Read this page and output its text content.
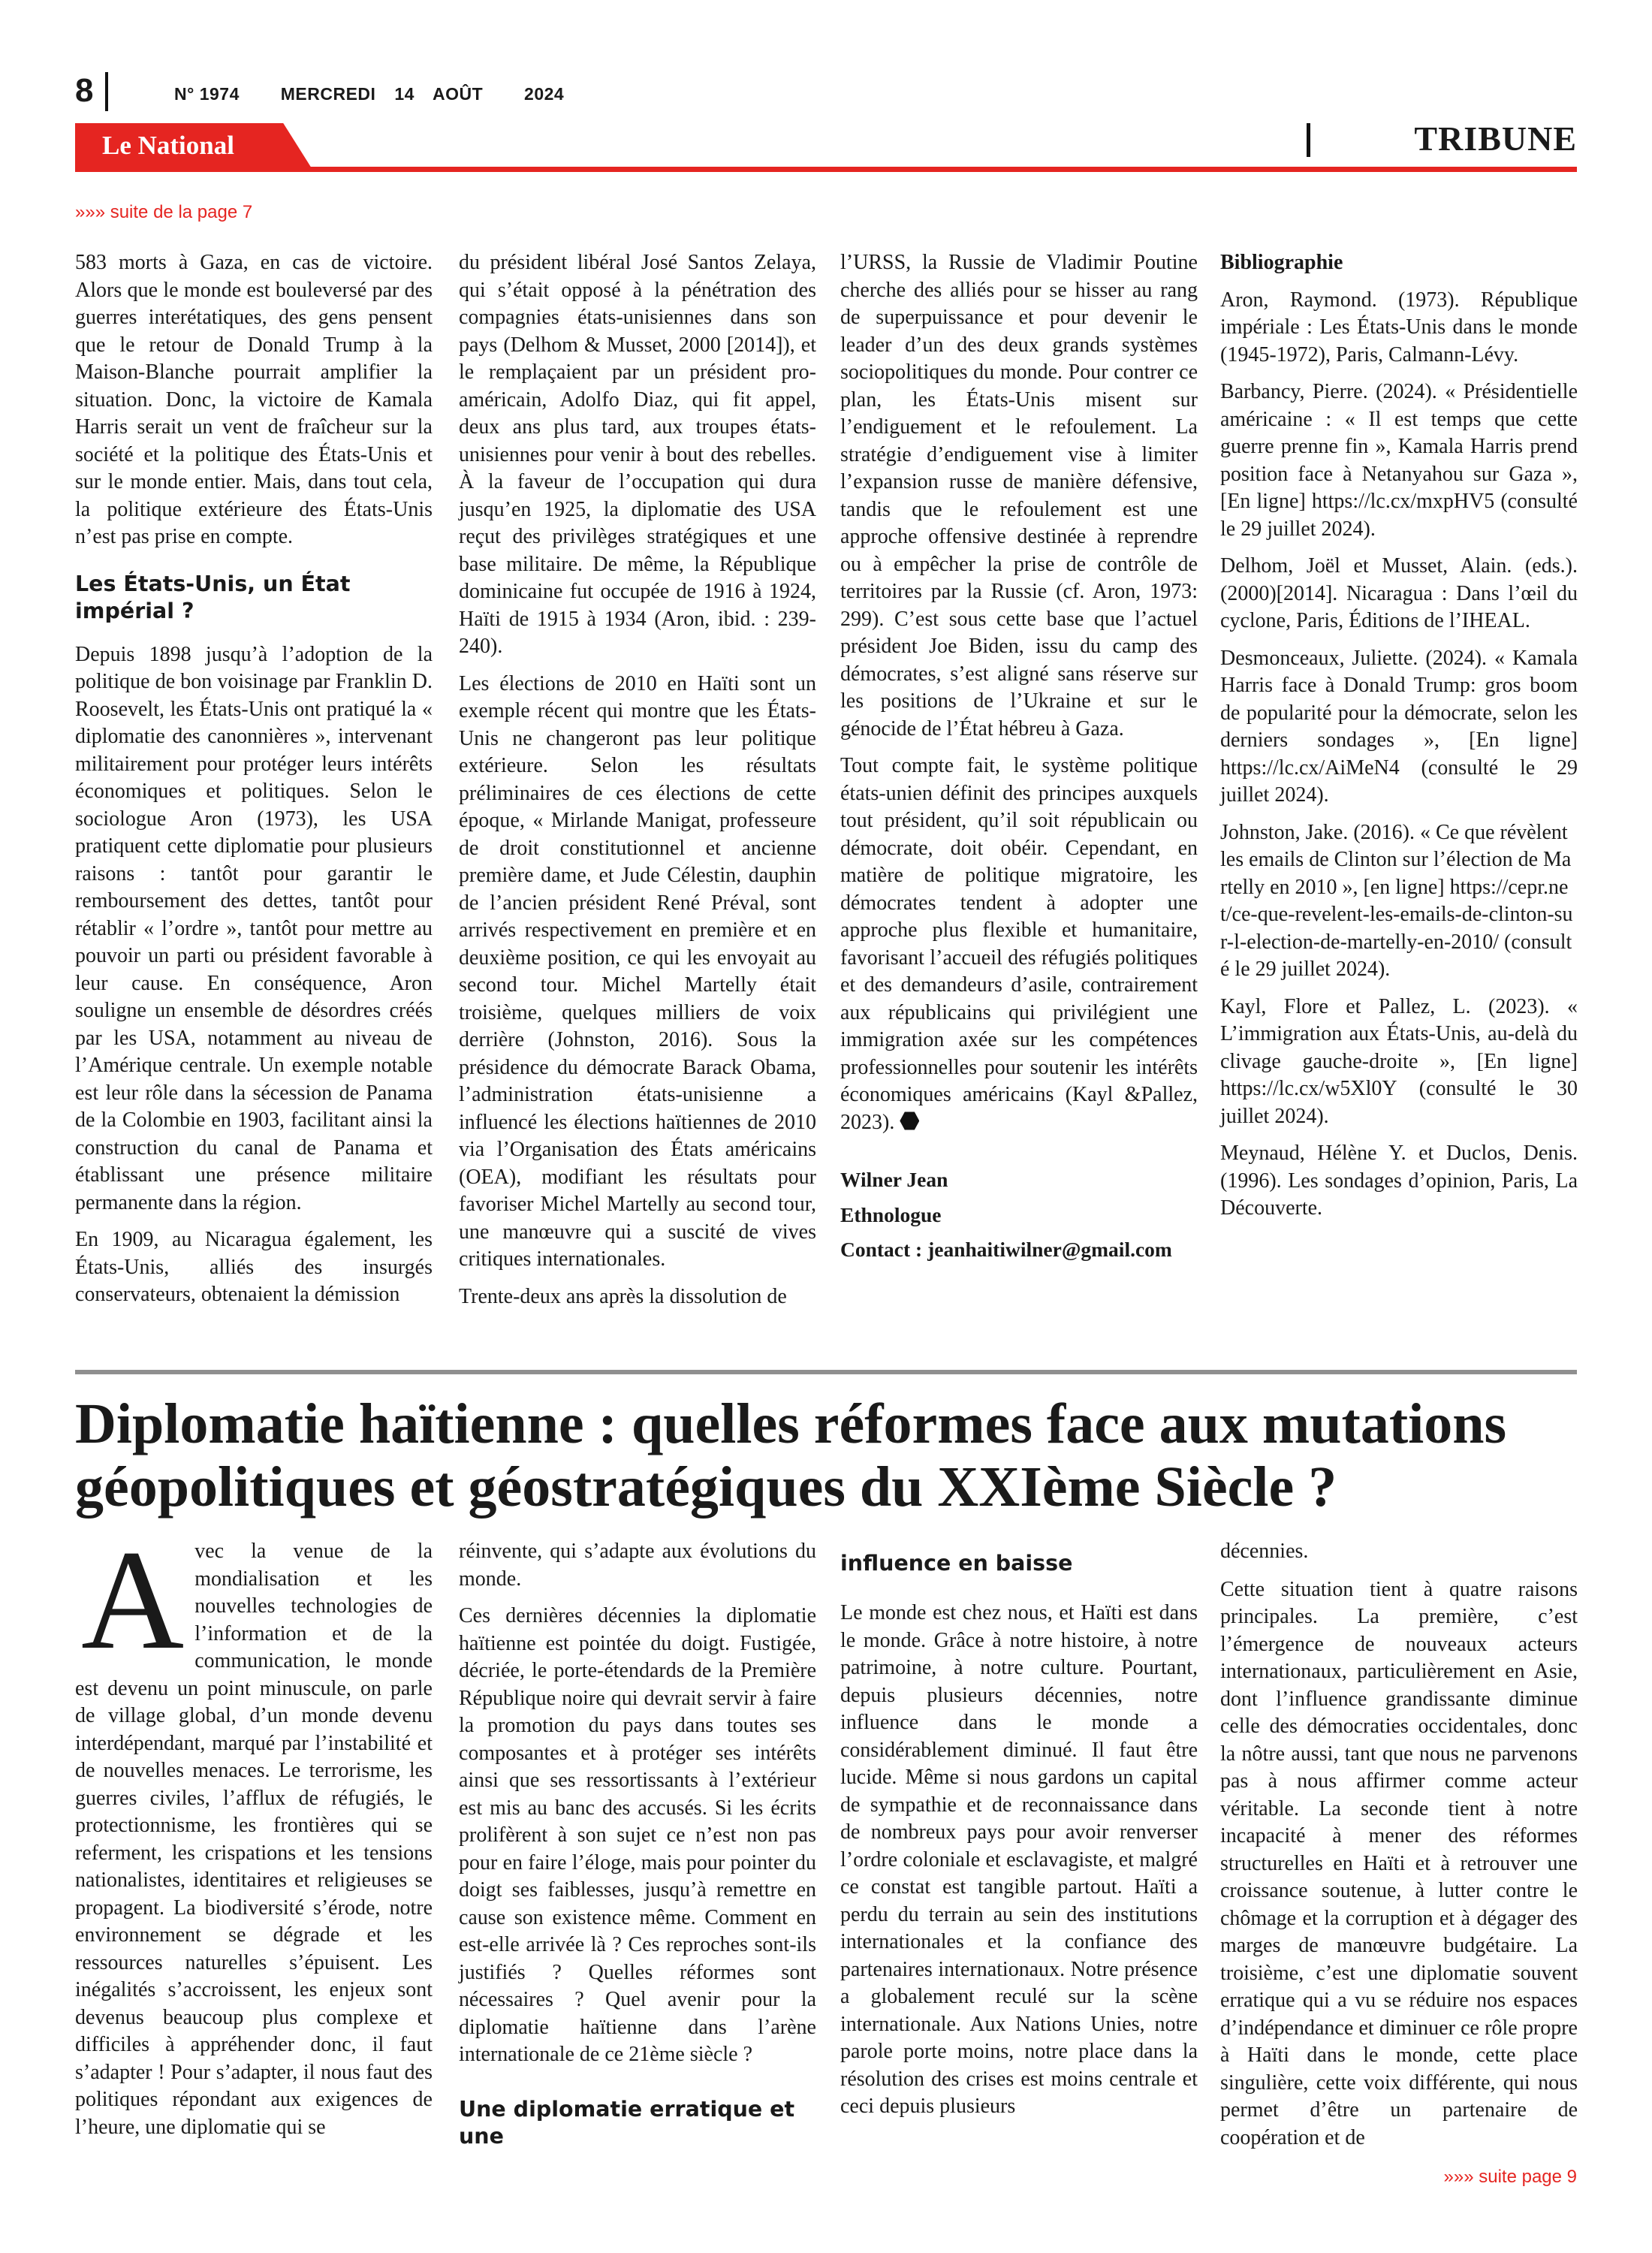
8	N° 1974 MERCREDI 14 AOÛT 2024
Le National	TRIBUNE
»»» suite de la page 7

583 morts à Gaza, en cas de victoire. Alors que le monde est bouleversé par des guerres interétatiques, des gens pensent que le retour de Donald Trump à la Maison-Blanche pourrait amplifier la situation. Donc, la victoire de Kamala Harris serait un vent de fraîcheur sur la société et la politique des États-Unis et sur le monde entier. Mais, dans tout cela, la politique extérieure des États-Unis n’est pas prise en compte.

Les États-Unis, un État impérial ?

Depuis 1898 jusqu’à l’adoption de la politique de bon voisinage par Franklin D. Roosevelt, les États-Unis ont pratiqué la « diplomatie des canonnières », intervenant militairement pour protéger leurs intérêts économiques et politiques. Selon le sociologue Aron (1973), les USA pratiquent cette diplomatie pour plusieurs raisons : tantôt pour garantir le remboursement des dettes, tantôt pour rétablir « l’ordre », tantôt pour mettre au pouvoir un parti ou président favorable à leur cause. En conséquence, Aron souligne un ensemble de désordres créés par les USA, notamment au niveau de l’Amérique centrale. Un exemple notable est leur rôle dans la sécession de Panama de la Colombie en 1903, facilitant ainsi la construction du canal de Panama et établissant une présence militaire permanente dans la région.

En 1909, au Nicaragua également, les États-Unis, alliés des insurgés conservateurs, obtenaient la démission

du président libéral José Santos Zelaya, qui s’était opposé à la pénétration des compagnies états-unisiennes dans son pays (Delhom & Musset, 2000 [2014]), et le remplaçaient par un président pro-américain, Adolfo Diaz, qui fit appel, deux ans plus tard, aux troupes états-unisiennes pour venir à bout des rebelles. À la faveur de l’occupation qui dura jusqu’en 1925, la diplomatie des USA reçut des privilèges stratégiques et une base militaire. De même, la République dominicaine fut occupée de 1916 à 1924, Haïti de 1915 à 1934 (Aron, ibid. : 239-240).

Les élections de 2010 en Haïti sont un exemple récent qui montre que les États-Unis ne changeront pas leur politique extérieure. Selon les résultats préliminaires de ces élections de cette époque, « Mirlande Manigat, professeure de droit constitutionnel et ancienne première dame, et Jude Célestin, dauphin de l’ancien président René Préval, sont arrivés respectivement en première et en deuxième position, ce qui les envoyait au second tour. Michel Martelly était troisième, quelques milliers de voix derrière (Johnston, 2016). Sous la présidence du démocrate Barack Obama, l’administration états-unisienne a influencé les élections haïtiennes de 2010 via l’Organisation des États américains (OEA), modifiant les résultats pour favoriser Michel Martelly au second tour, une manœuvre qui a suscité de vives critiques internationales.

Trente-deux ans après la dissolution de

l’URSS, la Russie de Vladimir Poutine cherche des alliés pour se hisser au rang de superpuissance et pour devenir le leader d’un des deux grands systèmes sociopolitiques du monde. Pour contrer ce plan, les États-Unis misent sur l’endiguement et le refoulement. La stratégie d’endiguement vise à limiter l’expansion russe de manière défensive, tandis que le refoulement est une approche offensive destinée à reprendre ou à empêcher la prise de contrôle de territoires par la Russie (cf. Aron, 1973: 299). C’est sous cette base que l’actuel président Joe Biden, issu du camp des démocrates, s’est aligné sans réserve sur les positions de l’Ukraine et sur le génocide de l’État hébreu à Gaza.

Tout compte fait, le système politique états-unien définit des principes auxquels tout président, qu’il soit républicain ou démocrate, doit obéir. Cependant, en matière de politique migratoire, les démocrates tendent à adopter une approche plus flexible et humanitaire, favorisant l’accueil des réfugiés politiques et des demandeurs d’asile, contrairement aux républicains qui privilégient une immigration axée sur les compétences professionnelles pour soutenir les intérêts économiques américains (Kayl &Pallez, 2023).

Wilner Jean

Ethnologue

Contact : jeanhaitiwilner@gmail.com

Bibliographie

Aron, Raymond. (1973). République impériale : Les États-Unis dans le monde (1945-1972), Paris, Calmann-Lévy.

Barbancy, Pierre. (2024). « Présidentielle américaine : « Il est temps que cette guerre prenne fin », Kamala Harris prend position face à Netanyahou sur Gaza », [En ligne] https://lc.cx/mxpHV5 (consulté le 29 juillet 2024).

Delhom, Joël et Musset, Alain. (eds.). (2000)[2014]. Nicaragua : Dans l’œil du cyclone, Paris, Éditions de l’IHEAL.

Desmonceaux, Juliette. (2024). « Kamala Harris face à Donald Trump: gros boom de popularité pour la démocrate, selon les derniers sondages », [En ligne] https://lc.cx/AiMeN4 (consulté le 29 juillet 2024).

Johnston, Jake. (2016). « Ce que révèlent les emails de Clinton sur l’élection de Martelly en 2010 », [en ligne] https://cepr.net/ce-que-revelent-les-emails-de-clinton-sur-l-election-de-martelly-en-2010/ (consulté le 29 juillet 2024).

Kayl, Flore et Pallez, L. (2023). « L’immigration aux États-Unis, au-delà du clivage gauche-droite », [En ligne] https://lc.cx/w5Xl0Y (consulté le 30 juillet 2024).

Meynaud, Hélène Y. et Duclos, Denis. (1996). Les sondages d’opinion, Paris, La Découverte.

Diplomatie haïtienne : quelles réformes face aux mutations
géopolitiques et géostratégiques du XXIème Siècle ?

Avec la venue de la mondialisation et les nouvelles technologies de l’information et de la communication, le monde est devenu un point minuscule, on parle de village global, d’un monde devenu interdépendant, marqué par l’instabilité et de nouvelles menaces. Le terrorisme, les guerres civiles, l’afflux de réfugiés, le protectionnisme, les frontières qui se referment, les crispations et les tensions nationalistes, identitaires et religieuses se propagent. La biodiversité s’érode, notre environnement se dégrade et les ressources naturelles s’épuisent. Les inégalités s’accroissent, les enjeux sont devenus beaucoup plus complexe et difficiles à appréhender donc, il faut s’adapter ! Pour s’adapter, il nous faut des politiques répondant aux exigences de l’heure, une diplomatie qui se

réinvente, qui s’adapte aux évolutions du monde.

Ces dernières décennies la diplomatie haïtienne est pointée du doigt. Fustigée, décriée, le porte-étendards de la Première République noire qui devrait servir à faire la promotion du pays dans toutes ses composantes et à protéger ses intérêts ainsi que ses ressortissants à l’extérieur est mis au banc des accusés. Si les écrits prolifèrent à son sujet ce n’est non pas pour en faire l’éloge, mais pour pointer du doigt ses faiblesses, jusqu’à remettre en cause son existence même. Comment en est-elle arrivée là ? Ces reproches sont-ils justifiés ? Quelles réformes sont nécessaires ? Quel avenir pour la diplomatie haïtienne dans l’arène internationale de ce 21ème siècle ?

Une diplomatie erratique et une
influence en baisse

Le monde est chez nous, et Haïti est dans le monde. Grâce à notre histoire, à notre patrimoine, à notre culture. Pourtant, depuis plusieurs décennies, notre influence dans le monde a considérablement diminué. Il faut être lucide. Même si nous gardons un capital de sympathie et de reconnaissance dans de nombreux pays pour avoir renverser l’ordre coloniale et esclavagiste, et malgré ce constat est tangible partout. Haïti a perdu du terrain au sein des institutions internationales et la confiance des partenaires internationaux. Notre présence a globalement reculé sur la scène internationale. Aux Nations Unies, notre parole porte moins, notre place dans la résolution des crises est moins centrale et ceci depuis plusieurs

décennies.

Cette situation tient à quatre raisons principales. La première, c’est l’émergence de nouveaux acteurs internationaux, particulièrement en Asie, dont l’influence grandissante diminue celle des démocraties occidentales, donc la nôtre aussi, tant que nous ne parvenons pas à nous affirmer comme acteur véritable. La seconde tient à notre incapacité à mener des réformes structurelles en Haïti et à retrouver une croissance soutenue, à lutter contre le chômage et la corruption et à dégager des marges de manœuvre budgétaire. La troisième, c’est une diplomatie souvent erratique qui a vu se réduire nos espaces d’indépendance et diminuer ce rôle propre à Haïti dans le monde, cette place singulière, cette voix différente, qui nous permet d’être un partenaire de coopération et de

»»» suite page 9
